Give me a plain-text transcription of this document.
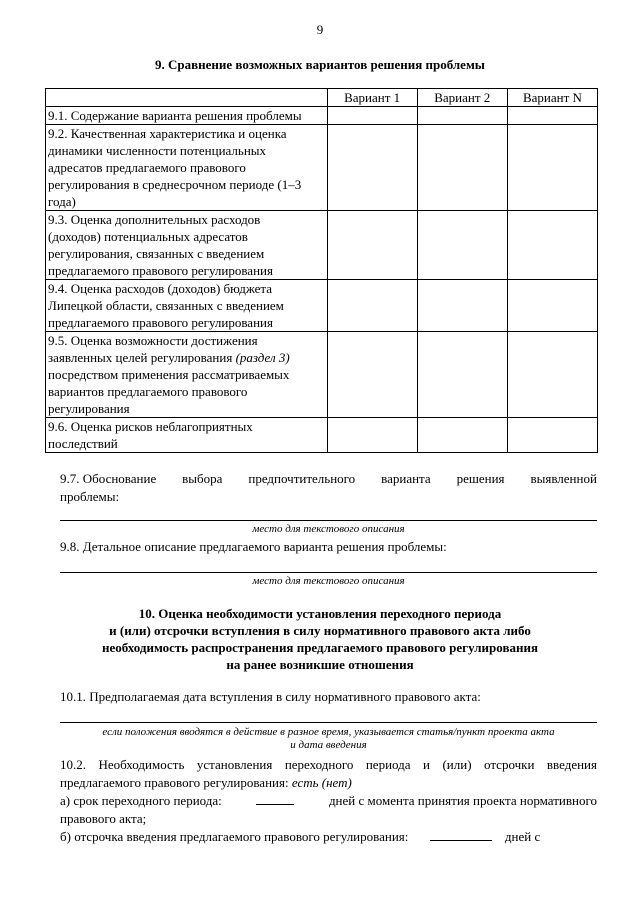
9
9. Сравнение возможных вариантов решения проблемы
	Вариант 1	Вариант 2	Вариант N

9.1. Содержание варианта решения проблемы			

9.2. Качественная характеристика и оценка
динамики численности потенциальных
адресатов предлагаемого правового
регулирования в среднесрочном периоде (1–3
года)			

9.3. Оценка дополнительных расходов
(доходов) потенциальных адресатов
регулирования, связанных с введением
предлагаемого правового регулирования			

9.4. Оценка расходов (доходов) бюджета
Липецкой области, связанных с введением
предлагаемого правового регулирования			

9.5. Оценка возможности достижения
заявленных целей регулирования (раздел 3)
посредством применения рассматриваемых
вариантов предлагаемого правового
регулирования			

9.6. Оценка рисков неблагоприятных
последствий			

9.7. Обоснование выбора предпочтительного варианта решения выявленной
проблемы:
место для текстового описания
9.8. Детальное описание предлагаемого варианта решения проблемы:
место для текстового описания
10. Оценка необходимости установления переходного периода
и (или) отсрочки вступления в силу нормативного правового акта либо
необходимость распространения предлагаемого правового регулирования
на ранее возникшие отношения
10.1. Предполагаемая дата вступления в силу нормативного правового акта:
если положения вводятся в действие в разное время, указывается статья/пункт проекта акта
и дата введения
10.2. Необходимость установления переходного периода и (или) отсрочки введения
предлагаемого правового регулирования: есть (нет)
а) срок переходного периода:	дней с момента принятия проекта нормативного
правового акта;
б) отсрочка введения предлагаемого правового регулирования:	дней с
